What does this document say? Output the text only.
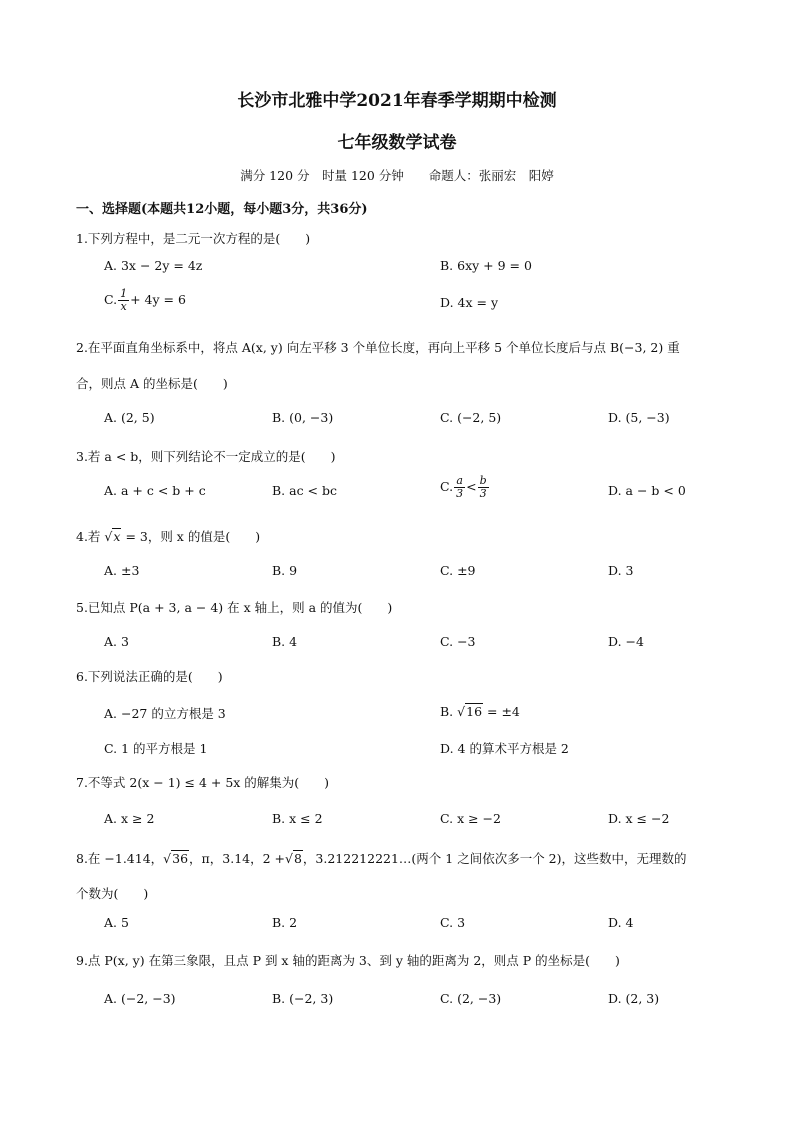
长沙市北雅中学2021年春季学期期中检测
七年级数学试卷
满分 120 分　时量 120 分钟　　命题人：张丽宏　阳婷
一、选择题(本题共12小题，每小题3分，共36分)
1.下列方程中，是二元一次方程的是(　　)
A. 3x − 2y = 4z	B. 6xy + 9 = 0
C. $\frac{1}{x} + 4y = 6$	D. 4x = y
2.在平面直角坐标系中，将点 A(x, y) 向左平移 3 个单位长度，再向上平移 5 个单位长度后与点 B(−3, 2) 重
合，则点 A 的坐标是(　　)
A. (2, 5)	B. (0, −3)	C. (−2, 5)	D. (5, −3)
3.若 a < b，则下列结论不一定成立的是(　　)
A. a + c < b + c	B. ac < bc	C. $\frac{a}{3} < \frac{b}{3}$	D. a − b < 0
4.若 √x = 3，则 x 的值是(　　)
A. ±3	B. 9	C. ±9	D. 3
5.已知点 P(a + 3, a − 4) 在 x 轴上，则 a 的值为(　　)
A. 3	B. 4	C. −3	D. −4
6.下列说法正确的是(　　)
A. −27 的立方根是 3	B. √16 = ±4
C. 1 的平方根是 1	D. 4 的算术平方根是 2
7.不等式 2(x − 1) ≤ 4 + 5x 的解集为(　　)
A. x ≥ 2	B. x ≤ 2	C. x ≥ −2	D. x ≤ −2
8.在 −1.414，√36，π，3.14，2 +√8，3.212212221…(两个 1 之间依次多一个 2)，这些数中，无理数的
个数为(　　)
A. 5	B. 2	C. 3	D. 4
9.点 P(x, y) 在第三象限，且点 P 到 x 轴的距离为 3、到 y 轴的距离为 2，则点 P 的坐标是(　　)
A. (−2, −3)	B. (−2, 3)	C. (2, −3)	D. (2, 3)
